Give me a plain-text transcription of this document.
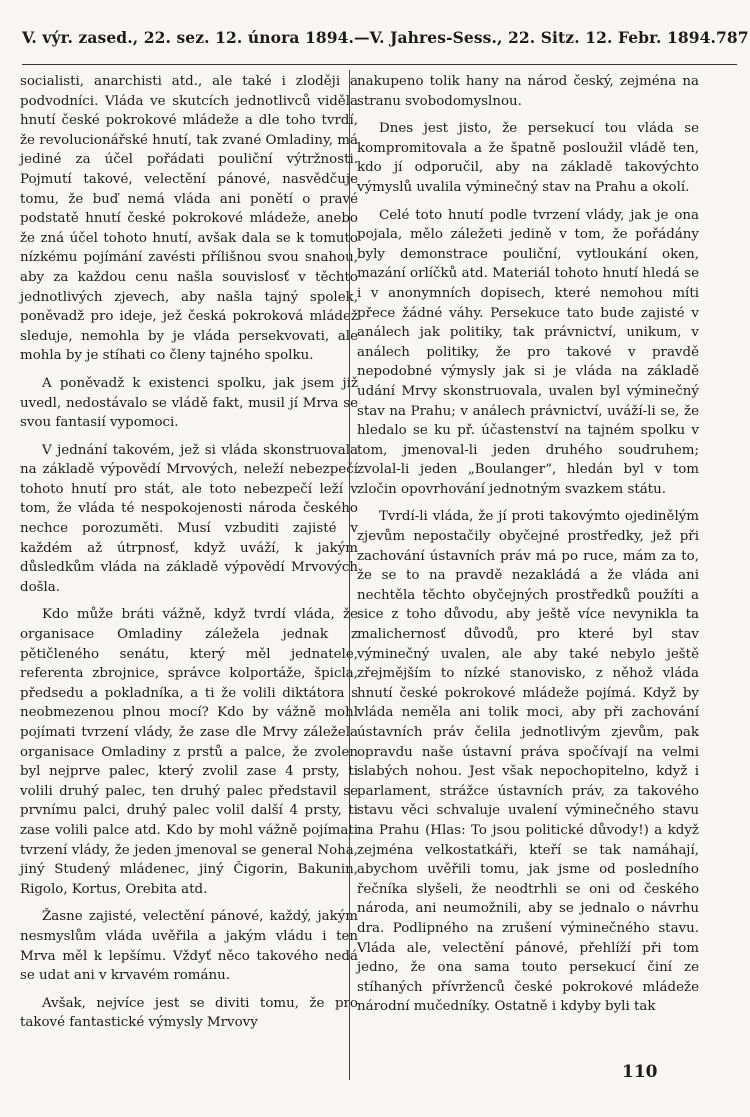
V. výr. zased., 22. sez. 12. února 1894. — V. Jahres-Sess., 22. Sitz. 12. Febr. 1894. 787

socialisti, anarchisti atd., ale také i zloději a podvodníci. Vláda ve skutcích jednotlivců viděla hnutí české pokrokové mládeže a dle toho tvrdí, že revolucionářské hnutí, tak zvané Omladiny, má jediné za účel pořádati pouliční výtržnosti. Pojmutí takové, velectění pánové, nasvědčuje tomu, že buď nemá vláda ani ponětí o pravé podstatě hnutí české pokrokové mládeže, anebo že zná účel tohoto hnutí, avšak dala se k tomuto nízkému pojímání zavésti přílišnou svou snahou, aby za každou cenu našla souvislosť v těchto jednotlivých zjevech, aby našla tajný spolek, poněvadž pro ideje, jež česká pokroková mládež sleduje, nemohla by je vláda persekvovati, ale mohla by je stíhati co členy tajného spolku.

A poněvadž k existenci spolku, jak jsem již uvedl, nedostávalo se vládě fakt, musil jí Mrva se svou fantasií vypomoci.

V jednání takovém, jež si vláda skonstruovala na základě výpovědí Mrvových, neleží nebezpečí tohoto hnutí pro stát, ale toto nebezpečí leží v tom, že vláda té nespokojenosti národa českého nechce porozuměti. Musí vzbuditi zajisté v každém až útrpnosť, když uváží, k jakým důsledkům vláda na základě výpovědí Mrvových došla.

Kdo může bráti vážně, když tvrdí vláda, že organisace Omladiny záležela jednak z pětičleného senátu, který měl jednatele, referenta zbrojnice, správce kolportáže, špicla, předsedu a pokladníka, a ti že volili diktátora s neobmezenou plnou mocí? Kdo by vážně mohl pojímati tvrzení vlády, že zase dle Mrvy záležela organisace Omladiny z prstů a palce, že zvolen byl nejprve palec, který zvolil zase 4 prsty, ti volili druhý palec, ten druhý palec představil se prvnímu palci, druhý palec volil další 4 prsty, ti zase volili palce atd. Kdo by mohl vážně pojímati tvrzení vlády, že jeden jmenoval se general Noha, jiný Studený mládenec, jiný Čigorin, Bakunin, Rigolo, Kortus, Orebita atd.

Žasne zajisté, velectění pánové, každý, jakým nesmyslům vláda uvěřila a jakým vládu i ten Mrva měl k lepšímu. Vždyť něco takového nedá se udat ani v krvavém románu.

Avšak, nejvíce jest se diviti tomu, že pro takové fantastické výmysly Mrvovy

nakupeno tolik hany na národ český, zejména na stranu svobodomyslnou.

Dnes jest jisto, že persekucí tou vláda se kompromitovala a že špatně posloužil vládě ten, kdo jí odporučil, aby na základě takovýchto výmyslů uvalila výminečný stav na Prahu a okolí.

Celé toto hnutí podle tvrzení vlády, jak je ona pojala, mělo záležeti jedině v tom, že pořádány byly demonstrace pouliční, vytloukání oken, mazání orlíčků atd. Materiál tohoto hnutí hledá se i v anonymních dopisech, které nemohou míti přece žádné váhy. Persekuce tato bude zajisté v análech jak politiky, tak právnictví, unikum, v análech politiky, že pro takové v pravdě nepodobné výmysly jak si je vláda na základě udání Mrvy skonstruovala, uvalen byl výminečný stav na Prahu; v análech právnictví, uváží-li se, že hledalo se ku př. účastenství na tajném spolku v tom, jmenoval-li jeden druhého soudruhem; zvolal-li jeden „Boulanger“, hledán byl v tom zločin opovrhování jednotným svazkem státu.

Tvrdí-li vláda, že jí proti takovýmto ojedinělým zjevům nepostačily obyčejné prostředky, jež při zachování ústavních práv má po ruce, mám za to, že se to na pravdě nezakládá a že vláda ani nechtěla těchto obyčejných prostředků použíti a sice z toho důvodu, aby ještě více nevynikla ta malichernosť důvodů, pro které byl stav výminečný uvalen, ale aby také nebylo ještě zřejmějším to nízké stanovisko, z něhož vláda hnutí české pokrokové mládeže pojímá. Když by vláda neměla ani tolik moci, aby při zachování ústavních práv čelila jednotlivým zjevům, pak opravdu naše ústavní práva spočívají na velmi slabých nohou. Jest však nepochopitelno, když i parlament, strážce ústavních práv, za takového stavu věci schvaluje uvalení výminečného stavu na Prahu (Hlas: To jsou politické důvody!) a když zejména velkostatkáři, kteří se tak namáhají, abychom uvěřili tomu, jak jsme od posledního řečníka slyšeli, že neodtrhli se oni od českého národa, ani neumožnili, aby se jednalo o návrhu dra. Podlipného na zrušení výminečného stavu. Vláda ale, velectění pánové, přehlíží při tom jedno, že ona sama touto persekucí činí ze stíhaných přívrženců české pokrokové mládeže národní mučedníky. Ostatně i kdyby byli tak

110
